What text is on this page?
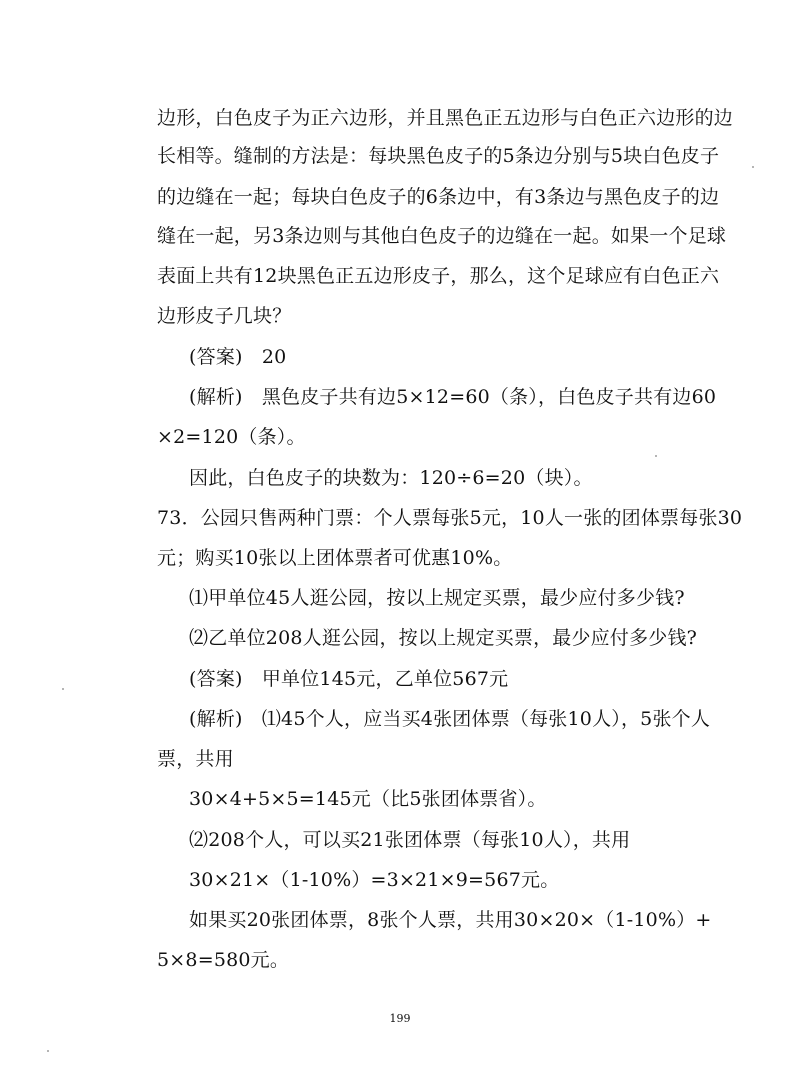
边形，白色皮子为正六边形，并且黑色正五边形与白色正六边形的边
长相等。缝制的方法是：每块黑色皮子的5条边分别与5块白色皮子
的边缝在一起；每块白色皮子的6条边中，有3条边与黑色皮子的边
缝在一起，另3条边则与其他白色皮子的边缝在一起。如果一个足球
表面上共有12块黑色正五边形皮子，那么，这个足球应有白色正六
边形皮子几块？
(答案)　20
(解析)　黑色皮子共有边5×12=60（条），白色皮子共有边60
×2=120（条）。
因此，白色皮子的块数为：120÷6=20（块）。
73．公园只售两种门票：个人票每张5元，10人一张的团体票每张30
元；购买10张以上团体票者可优惠10%。
⑴甲单位45人逛公园，按以上规定买票，最少应付多少钱?
⑵乙单位208人逛公园，按以上规定买票，最少应付多少钱?
(答案)　甲单位145元，乙单位567元
(解析)　⑴45个人，应当买4张团体票（每张10人），5张个人
票，共用
30×4+5×5=145元（比5张团体票省）。
⑵208个人，可以买21张团体票（每张10人），共用
30×21×（1-10%）=3×21×9=567元。
如果买20张团体票，8张个人票，共用30×20×（1-10%）+
5×8=580元。
199
